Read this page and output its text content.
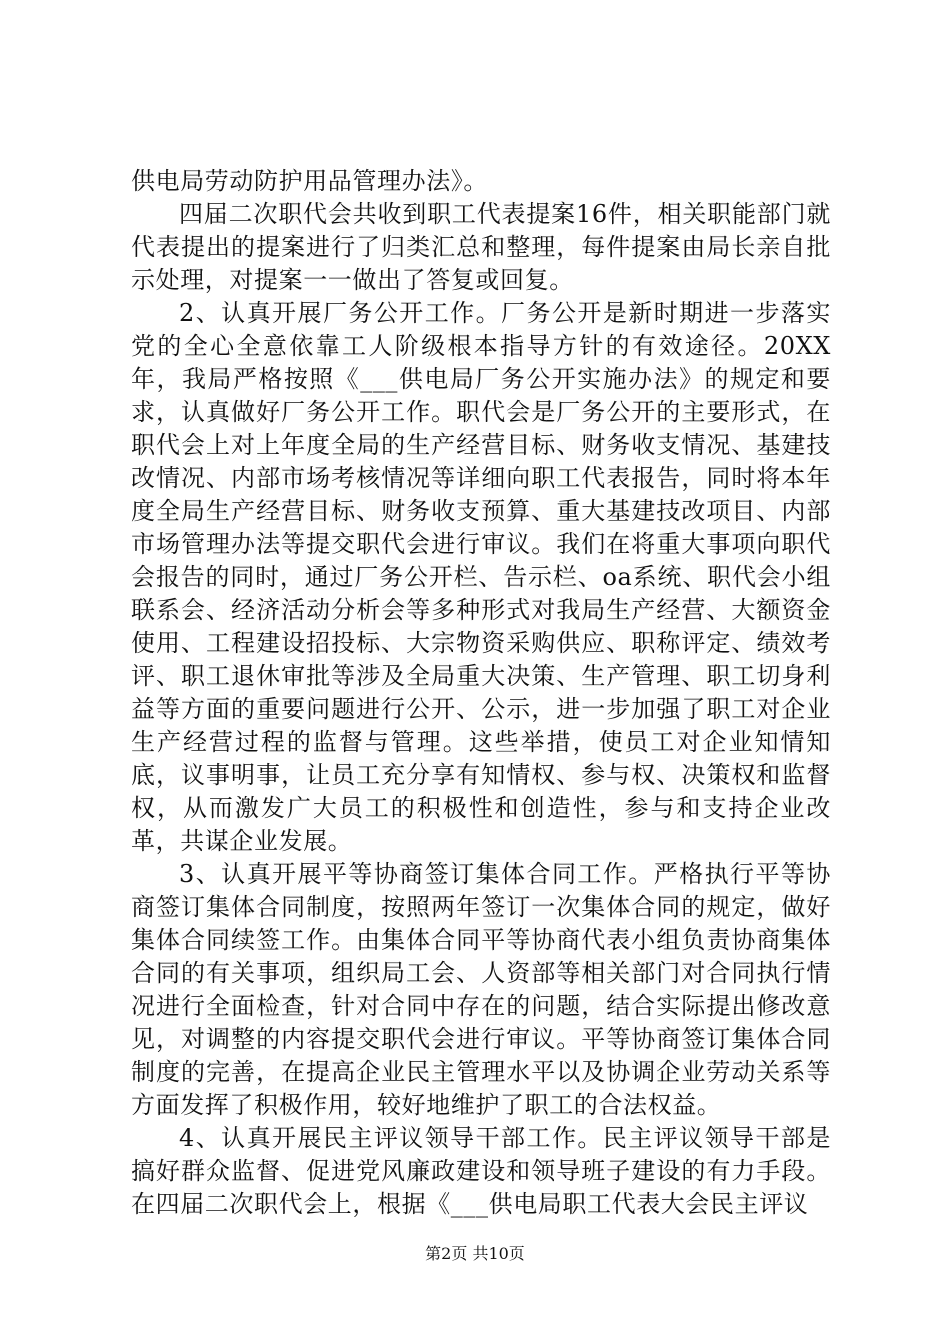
供电局劳动防护用品管理办法》。

四届二次职代会共收到职工代表提案16件，相关职能部门就代表提出的提案进行了归类汇总和整理，每件提案由局长亲自批示处理，对提案一一做出了答复或回复。

2、认真开展厂务公开工作。厂务公开是新时期进一步落实党的全心全意依靠工人阶级根本指导方针的有效途径。20XX年，我局严格按照《___供电局厂务公开实施办法》的规定和要求，认真做好厂务公开工作。职代会是厂务公开的主要形式，在职代会上对上年度全局的生产经营目标、财务收支情况、基建技改情况、内部市场考核情况等详细向职工代表报告，同时将本年度全局生产经营目标、财务收支预算、重大基建技改项目、内部市场管理办法等提交职代会进行审议。我们在将重大事项向职代会报告的同时，通过厂务公开栏、告示栏、oa系统、职代会小组联系会、经济活动分析会等多种形式对我局生产经营、大额资金使用、工程建设招投标、大宗物资采购供应、职称评定、绩效考评、职工退休审批等涉及全局重大决策、生产管理、职工切身利益等方面的重要问题进行公开、公示，进一步加强了职工对企业生产经营过程的监督与管理。这些举措，使员工对企业知情知底，议事明事，让员工充分享有知情权、参与权、决策权和监督权，从而激发广大员工的积极性和创造性，参与和支持企业改革，共谋企业发展。

3、认真开展平等协商签订集体合同工作。严格执行平等协商签订集体合同制度，按照两年签订一次集体合同的规定，做好集体合同续签工作。由集体合同平等协商代表小组负责协商集体合同的有关事项，组织局工会、人资部等相关部门对合同执行情况进行全面检查，针对合同中存在的问题，结合实际提出修改意见，对调整的内容提交职代会进行审议。平等协商签订集体合同制度的完善，在提高企业民主管理水平以及协调企业劳动关系等方面发挥了积极作用，较好地维护了职工的合法权益。

4、认真开展民主评议领导干部工作。民主评议领导干部是搞好群众监督、促进党风廉政建设和领导班子建设的有力手段。在四届二次职代会上，根据《___供电局职工代表大会民主评议

第2页 共10页
